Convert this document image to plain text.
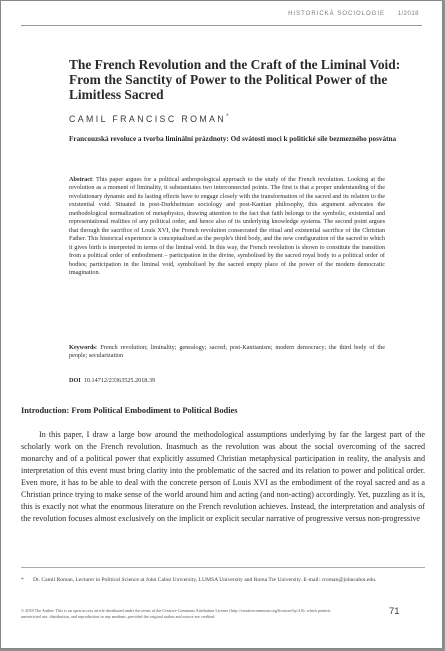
HISTORICKÁ SOCIOLOGIE 1/2018
The French Revolution and the Craft of the Liminal Void: From the Sanctity of Power to the Political Power of the Limitless Sacred
CAMIL FRANCISC ROMAN*
Francouzská revoluce a tvorba liminální prázdnoty: Od svátosti moci k politické síle bezmezného posvátna
Abstract: This paper argues for a political anthropological approach to the study of the French revolution. Looking at the revolution as a moment of liminality, it substantiates two interconnected points. The first is that a proper understanding of the revolutionary dynamic and its lasting effects have to engage closely with the transformation of the sacred and its relation to the existential void. Situated in post-Durkheimian sociology and post-Kantian philosophy, this argument advocates the methodological normalization of metaphysics, drawing attention to the fact that faith belongs to the symbolic, existential and representational realities of any political order, and hence also of its underlying knowledge systems. The second point argues that through the sacrifice of Louis XVI, the French revolution consecrated the ritual and existential sacrifice of the Christian Father. This historical experience is conceptualised as the people's third body, and the new configuration of the sacred to which it gives birth is interpreted in terms of the liminal void. In this way, the French revolution is shown to constitute the transition from a political order of embodiment – participation in the divine, symbolised by the sacred royal body to a political order of bodies; participation in the liminal void, symbolised by the sacred empty place of the power of the modern democratic imagination.
Keywords: French revolution; liminality; genealogy; sacred; post-Kantianism; modern democracy; the third body of the people; secularization
DOI 10.14712/23363525.2018.39
Introduction: From Political Embodiment to Political Bodies

In this paper, I draw a large bow around the methodological assumptions underlying by far the largest part of the scholarly work on the French revolution. Inasmuch as the revolution was about the social overcoming of the sacred monarchy and of a political power that explicitly assumed Christian metaphysical participation in reality, the analysis and interpretation of this event must bring clarity into the problematic of the sacred and its relation to power and political order. Even more, it has to be able to deal with the concrete person of Louis XVI as the embodiment of the royal sacred and as a Christian prince trying to make sense of the world around him and acting (and non-acting) accordingly. Yet, puzzling as it is, this is exactly not what the enormous literature on the French revolution achieves. Instead, the interpretation and analysis of the revolution focuses almost exclusively on the implicit or explicit secular narrative of progressive versus non-progressive

* Dr. Camil Roman, Lecturer in Political Science at John Cabot University, LUMSA University and Roma Tre University. E-mail: croman@johncabot.edu.
© 2018 The Author. This is an open-access article distributed under the terms of the Creative Commons Attribution License (http://creativecommons.org/licenses/by/4.0), which permits unrestricted use, distribution, and reproduction in any medium, provided the original author and source are credited.	71
